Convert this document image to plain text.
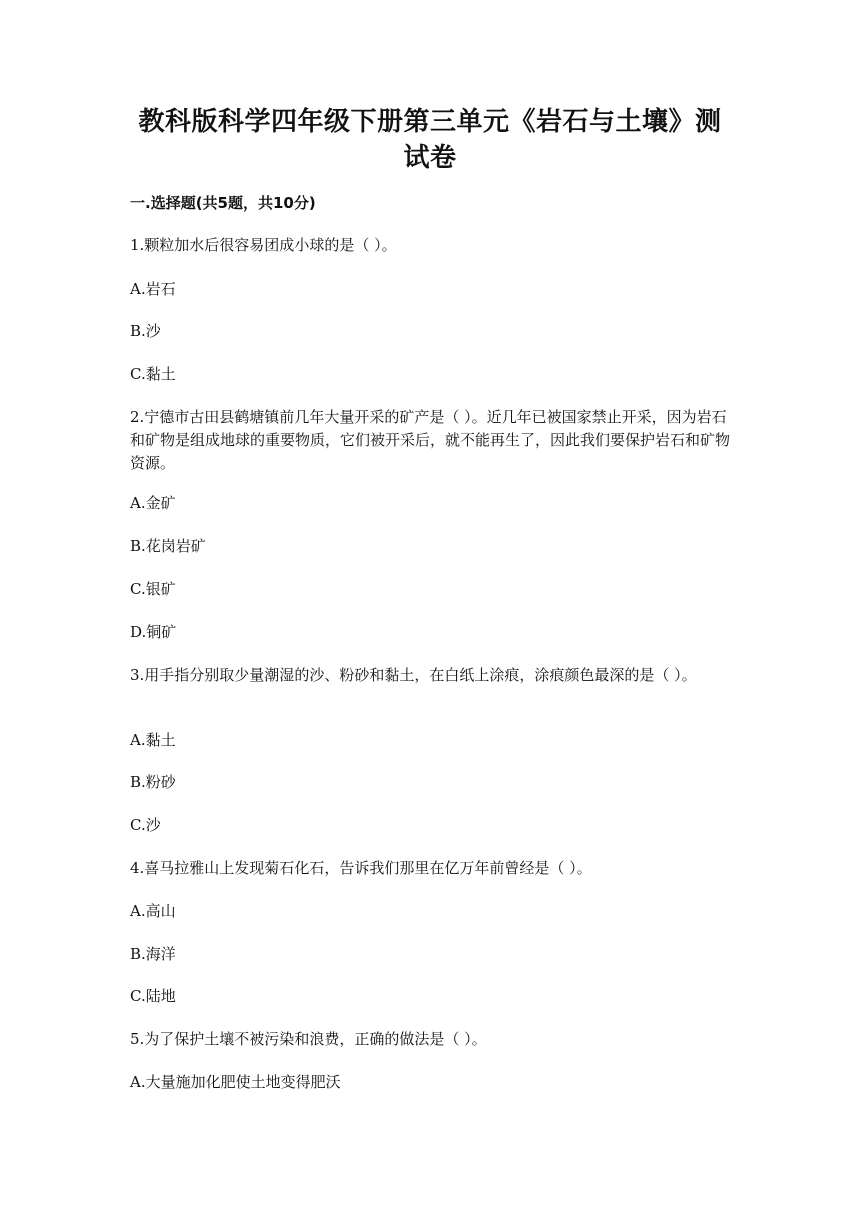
教科版科学四年级下册第三单元《岩石与土壤》测试卷
一.选择题(共5题，共10分)
1.颗粒加水后很容易团成小球的是（ ）。
A.岩石
B.沙
C.黏土
2.宁德市古田县鹤塘镇前几年大量开采的矿产是（ ）。近几年已被国家禁止开采，因为岩石和矿物是组成地球的重要物质，它们被开采后，就不能再生了，因此我们要保护岩石和矿物资源。
A.金矿
B.花岗岩矿
C.银矿
D.铜矿
3.用手指分别取少量潮湿的沙、粉砂和黏土，在白纸上涂痕，涂痕颜色最深的是（ ）。
A.黏土
B.粉砂
C.沙
4.喜马拉雅山上发现菊石化石，告诉我们那里在亿万年前曾经是（ ）。
A.高山
B.海洋
C.陆地
5.为了保护土壤不被污染和浪费，正确的做法是（ ）。
A.大量施加化肥使土地变得肥沃
